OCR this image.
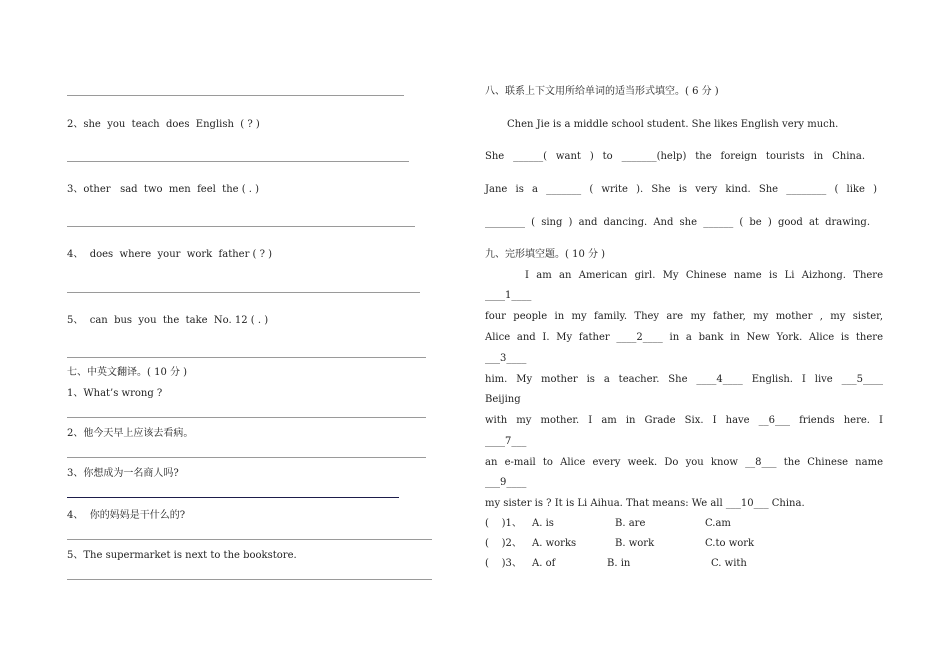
2、she  you  teach  does  English  ( ? )
3、other   sad  two  men  feel  the ( . )
4、  does  where  your  work  father ( ? )
5、  can  bus  you  the  take  No. 12 ( . )
七、中英文翻译。( 10 分 )
1、What’s wrong ?
2、他今天早上应该去看病。
3、你想成为一名商人吗?
4、  你的妈妈是干什么的?
5、The supermarket is next to the bookstore.
八、联系上下文用所给单词的适当形式填空。( 6 分 )
Chen Jie is a middle school student. She likes English very much.
She ______( want ) to _______(help) the foreign tourists in China.
Jane is a _______ ( write ). She is very kind. She ________ ( like )
________ ( sing ) and dancing. And she ______ ( be ) good at drawing.
九、完形填空题。( 10 分 )
I am an American girl. My Chinese name is Li Aizhong. There
____1____
four people in my family. They are my father, my mother , my sister,
Alice and I. My father ____2____ in a bank in New York. Alice is there
___3____
him. My mother is a teacher. She ____4____ English. I live ___5____
Beijing
with my mother. I am in Grade Six. I have __6___ friends here. I
____7___
an e-mail to Alice every week. Do you know __8___ the Chinese name
___9____
my sister is ? It is Li Aihua. That means: We all ___10___ China.
(    )1、 A. is	B. are	C.am
(    )2、 A. works	B. work	C.to work
(    )3、 A. of	B. in	C. with
